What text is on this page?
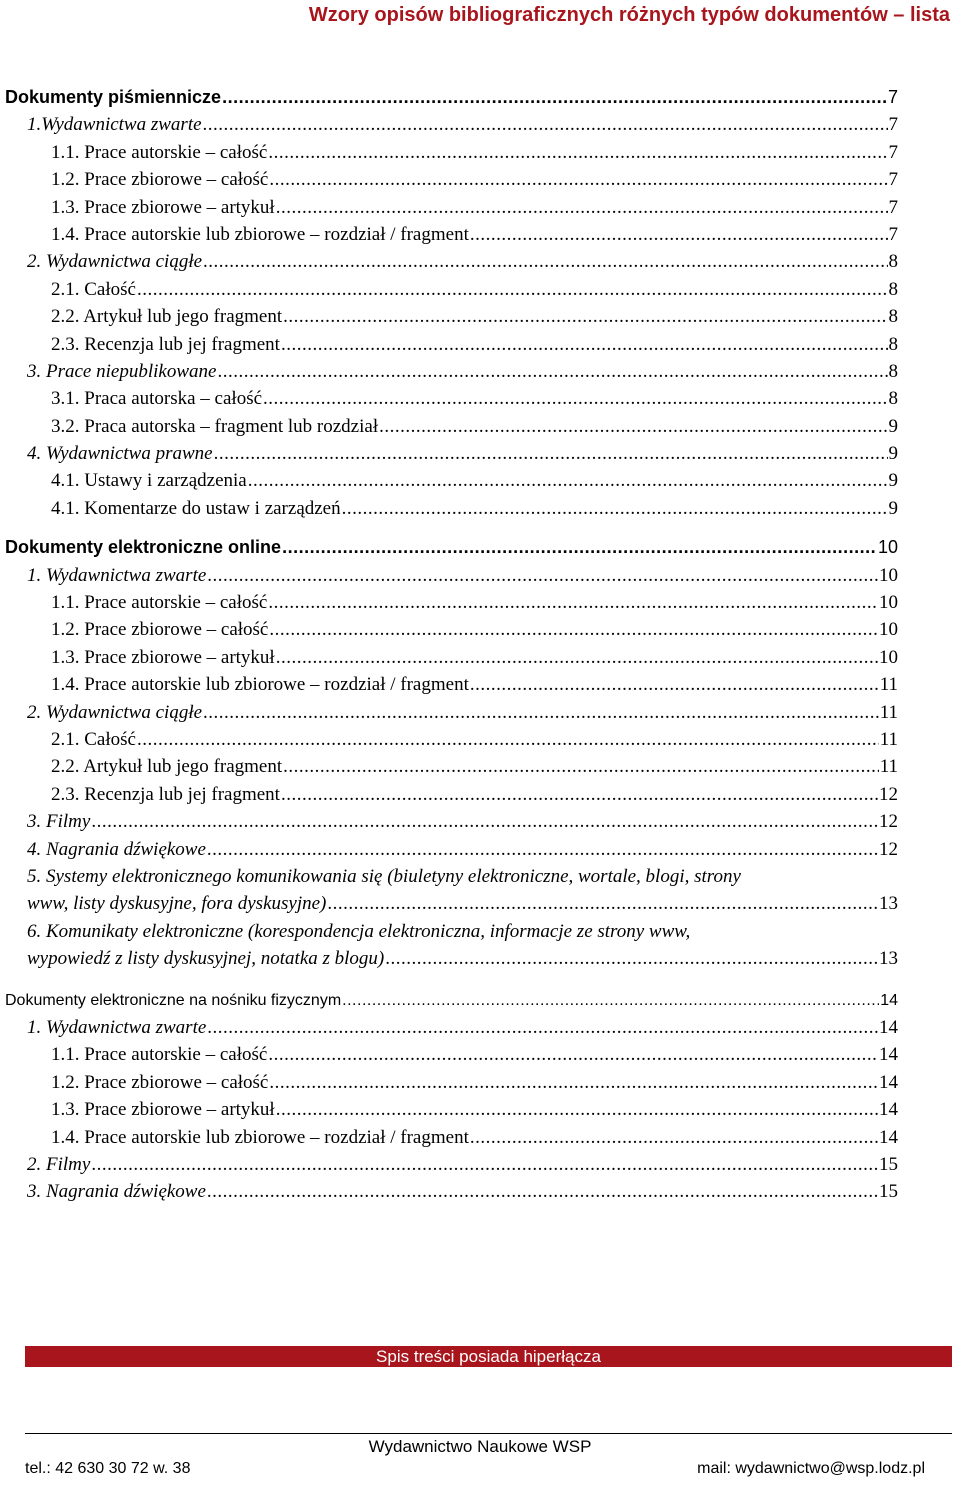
Wzory opisów bibliograficznych różnych typów dokumentów – lista
Dokumenty piśmiennicze .....	7
1.Wydawnictwa zwarte .....	7
1.1. Prace autorskie – całość .....	7
1.2. Prace zbiorowe – całość .....	7
1.3. Prace zbiorowe – artykuł .....	7
1.4. Prace autorskie lub zbiorowe – rozdział / fragment .....	7
2. Wydawnictwa ciągłe .....	8
2.1. Całość .....	8
2.2. Artykuł lub jego fragment .....	8
2.3. Recenzja lub jej fragment .....	8
3. Prace niepublikowane .....	8
3.1. Praca autorska – całość .....	8
3.2. Praca autorska – fragment lub rozdział .....	9
4. Wydawnictwa prawne .....	9
4.1. Ustawy i zarządzenia .....	9
4.1. Komentarze do ustaw i zarządzeń .....	9
Dokumenty elektroniczne online .....	10
1. Wydawnictwa zwarte .....	10
1.1. Prace autorskie – całość .....	10
1.2. Prace zbiorowe – całość .....	10
1.3. Prace zbiorowe – artykuł .....	10
1.4. Prace autorskie lub zbiorowe – rozdział / fragment .....	11
2. Wydawnictwa ciągłe .....	11
2.1. Całość .....	11
2.2. Artykuł lub jego fragment .....	11
2.3. Recenzja lub jej fragment .....	12
3. Filmy .....	12
4. Nagrania dźwiękowe .....	12
5. Systemy elektronicznego komunikowania się (biuletyny elektroniczne, wortale, blogi, strony
www, listy dyskusyjne, fora dyskusyjne) .....	13
6. Komunikaty elektroniczne (korespondencja elektroniczna, informacje ze strony www,
wypowiedź z listy dyskusyjnej, notatka z blogu) .....	13
Dokumenty elektroniczne na nośniku fizycznym .....	14
1. Wydawnictwa zwarte .....	14
1.1. Prace autorskie – całość .....	14
1.2. Prace zbiorowe – całość .....	14
1.3. Prace zbiorowe – artykuł .....	14
1.4. Prace autorskie lub zbiorowe – rozdział / fragment .....	14
2. Filmy .....	15
3. Nagrania dźwiękowe .....	15
Spis treści posiada hiperłącza
Wydawnictwo Naukowe WSP
tel.: 42 630 30 72 w. 38	mail: wydawnictwo@wsp.lodz.pl
